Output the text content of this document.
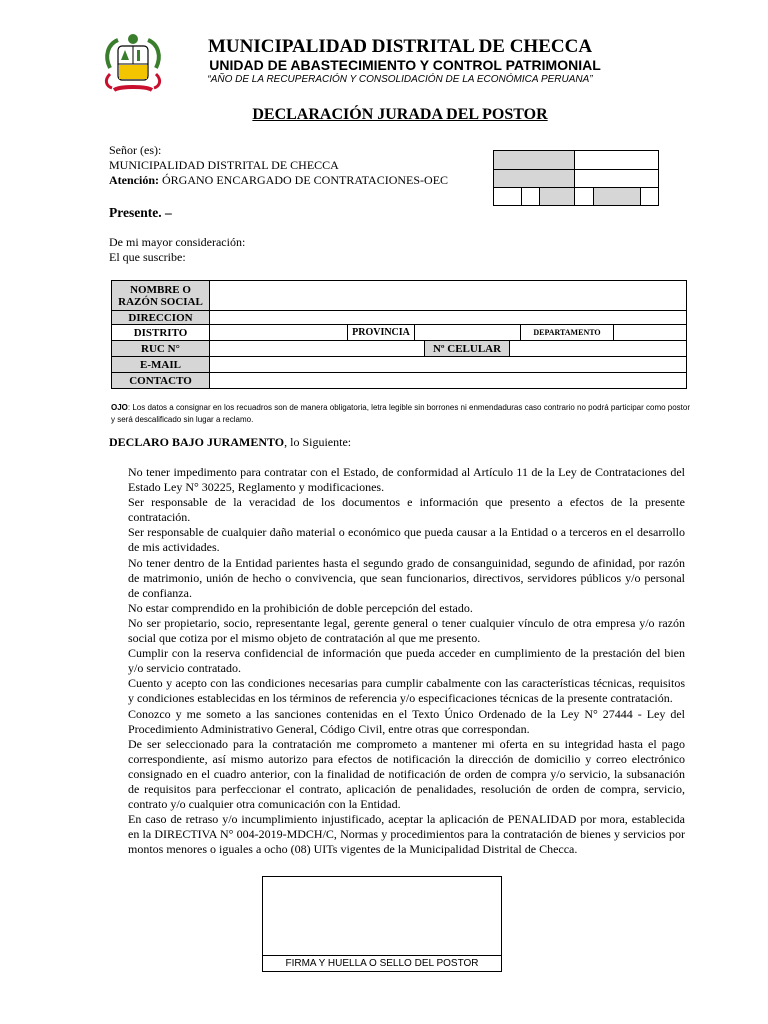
MUNICIPALIDAD DISTRITAL DE CHECCA
UNIDAD DE ABASTECIMIENTO Y CONTROL PATRIMONIAL
“AÑO DE LA RECUPERACIÓN Y CONSOLIDACIÓN DE LA ECONÓMICA PERUANA”
DECLARACIÓN JURADA DEL POSTOR
Señor (es):
MUNICIPALIDAD DISTRITAL DE CHECCA
Atención: ÓRGANO ENCARGADO DE CONTRATACIONES-OEC
Presente. –
De mi mayor consideración:
El que suscribe:
NOMBRE O RAZÓN SOCIAL
DIRECCION
DISTRITO	PROVINCIA	DEPARTAMENTO
RUC N°	Nº CELULAR
E-MAIL
CONTACTO
OJO: Los datos a consignar en los recuadros son de manera obligatoria, letra legible sin borrones ni enmendaduras caso contrario no podrá participar como postor y será descalificado sin lugar a reclamo.
DECLARO BAJO JURAMENTO, lo Siguiente:
No tener impedimento para contratar con el Estado, de conformidad al Artículo 11 de la Ley de Contrataciones del Estado Ley N° 30225, Reglamento y modificaciones.
Ser responsable de la veracidad de los documentos e información que presento a efectos de la presente contratación.
Ser responsable de cualquier daño material o económico que pueda causar a la Entidad o a terceros en el desarrollo de mis actividades.
No tener dentro de la Entidad parientes hasta el segundo grado de consanguinidad, segundo de afinidad, por razón de matrimonio, unión de hecho o convivencia, que sean funcionarios, directivos, servidores públicos y/o personal de confianza.
No estar comprendido en la prohibición de doble percepción del estado.
No ser propietario, socio, representante legal, gerente general o tener cualquier vínculo de otra empresa y/o razón social que cotiza por el mismo objeto de contratación al que me presento.
Cumplir con la reserva confidencial de información que pueda acceder en cumplimiento de la prestación del bien y/o servicio contratado.
Cuento y acepto con las condiciones necesarias para cumplir cabalmente con las características técnicas, requisitos y condiciones establecidas en los términos de referencia y/o especificaciones técnicas de la presente contratación.
Conozco y me someto a las sanciones contenidas en el Texto Único Ordenado de la Ley N° 27444 - Ley del Procedimiento Administrativo General, Código Civil, entre otras que correspondan.
De ser seleccionado para la contratación me comprometo a mantener mi oferta en su integridad hasta el pago correspondiente, así mismo autorizo para efectos de notificación la dirección de domicilio y correo electrónico consignado en el cuadro anterior, con la finalidad de notificación de orden de compra y/o servicio, la subsanación de requisitos para perfeccionar el contrato, aplicación de penalidades, resolución de orden de compra, servicio, contrato y/o cualquier otra comunicación con la Entidad.
En caso de retraso y/o incumplimiento injustificado, aceptar la aplicación de PENALIDAD por mora, establecida en la DIRECTIVA N° 004-2019-MDCH/C, Normas y procedimientos para la contratación de bienes y servicios por montos menores o iguales a ocho (08) UITs vigentes de la Municipalidad Distrital de Checca.
FIRMA Y HUELLA O SELLO DEL POSTOR
